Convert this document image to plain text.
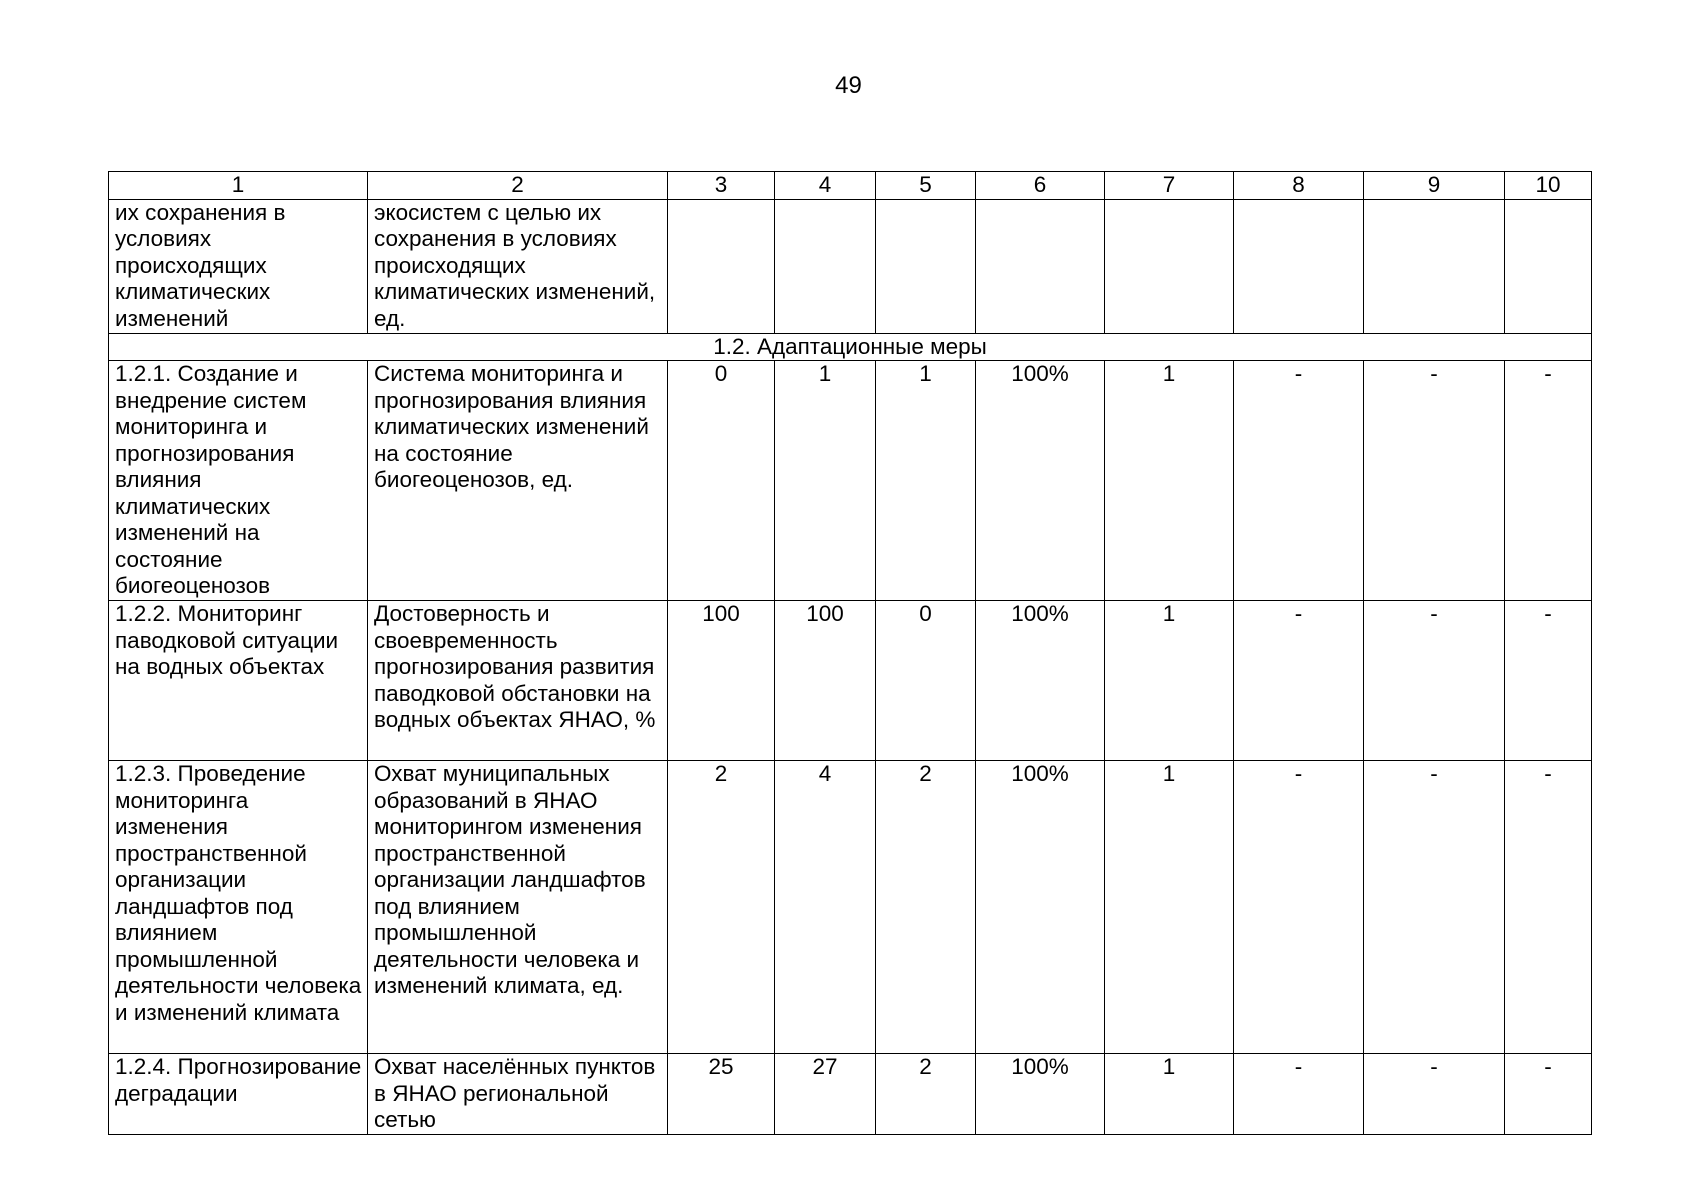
49
1	2	3	4	5	6	7	8	9	10
их сохранения в условиях происходящих климатических изменений	экосистем с целью их сохранения в условиях происходящих климатических изменений, ед.								
1.2. Адаптационные меры									
1.2.1. Создание и внедрение систем мониторинга и прогнозирования влияния климатических изменений на состояние биогеоценозов	Система мониторинга и прогнозирования влияния климатических изменений на состояние биогеоценозов, ед.	0	1	1	100%	1	-	-	-
1.2.2. Мониторинг паводковой ситуации на водных объектах	Достоверность и своевременность прогнозирования развития паводковой обстановки на водных объектах ЯНАО, %	100	100	0	100%	1	-	-	-
1.2.3. Проведение мониторинга изменения пространственной организации ландшафтов под влиянием промышленной деятельности человека и изменений климата	Охват муниципальных образований в ЯНАО мониторингом изменения пространственной организации ландшафтов под влиянием промышленной деятельности человека и изменений климата, ед.	2	4	2	100%	1	-	-	-
1.2.4. Прогнозирование деградации	Охват населённых пунктов в ЯНАО региональной сетью	25	27	2	100%	1	-	-	-
